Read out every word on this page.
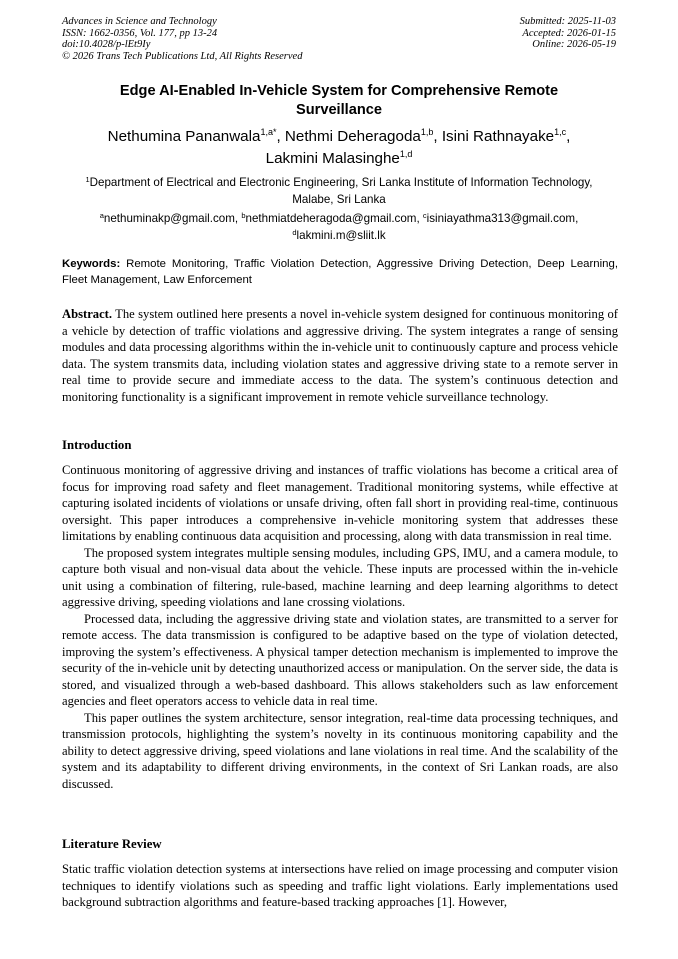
Advances in Science and Technology
ISSN: 1662-0356, Vol. 177, pp 13-24
doi:10.4028/p-lEt9Iy
© 2026 Trans Tech Publications Ltd, All Rights Reserved
Submitted: 2025-11-03
Accepted: 2026-01-15
Online: 2026-05-19
Edge AI-Enabled In-Vehicle System for Comprehensive Remote
Surveillance
Nethumina Pananwala$^{1,a*}$, Nethmi Deheragoda$^{1,b}$, Isini Rathnayake$^{1,c}$,
Lakmini Malasinghe$^{1,d}$
$^1$Department of Electrical and Electronic Engineering, Sri Lanka Institute of Information Technology,
Malabe, Sri Lanka
$^a$nethuminakp@gmail.com, $^b$nethmiatdeheragoda@gmail.com, $^c$isiniayathma313@gmail.com,
$^d$lakmini.m@sliit.lk
Keywords: Remote Monitoring, Traffic Violation Detection, Aggressive Driving Detection, Deep Learning, Fleet Management, Law Enforcement

Abstract. The system outlined here presents a novel in-vehicle system designed for continuous monitoring of a vehicle by detection of traffic violations and aggressive driving. The system integrates a range of sensing modules and data processing algorithms within the in-vehicle unit to continuously capture and process vehicle data. The system transmits data, including violation states and aggressive driving state to a remote server in real time to provide secure and immediate access to the data. The system’s continuous detection and monitoring functionality is a significant improvement in remote vehicle surveillance technology.

Introduction

Continuous monitoring of aggressive driving and instances of traffic violations has become a critical area of focus for improving road safety and fleet management. Traditional monitoring systems, while effective at capturing isolated incidents of violations or unsafe driving, often fall short in providing real-time, continuous oversight. This paper introduces a comprehensive in-vehicle monitoring system that addresses these limitations by enabling continuous data acquisition and processing, along with data transmission in real time.

The proposed system integrates multiple sensing modules, including GPS, IMU, and a camera module, to capture both visual and non-visual data about the vehicle. These inputs are processed within the in-vehicle unit using a combination of filtering, rule-based, machine learning and deep learning algorithms to detect aggressive driving, speeding violations and lane crossing violations.

Processed data, including the aggressive driving state and violation states, are transmitted to a server for remote access. The data transmission is configured to be adaptive based on the type of violation detected, improving the system’s effectiveness. A physical tamper detection mechanism is implemented to improve the security of the in-vehicle unit by detecting unauthorized access or manipulation. On the server side, the data is stored, and visualized through a web-based dashboard. This allows stakeholders such as law enforcement agencies and fleet operators access to vehicle data in real time.

This paper outlines the system architecture, sensor integration, real-time data processing techniques, and transmission protocols, highlighting the system’s novelty in its continuous monitoring capability and the ability to detect aggressive driving, speed violations and lane violations in real time. And the scalability of the system and its adaptability to different driving environments, in the context of Sri Lankan roads, are also discussed.

Literature Review

Static traffic violation detection systems at intersections have relied on image processing and computer vision techniques to identify violations such as speeding and traffic light violations. Early implementations used background subtraction algorithms and feature-based tracking approaches [1]. However,
